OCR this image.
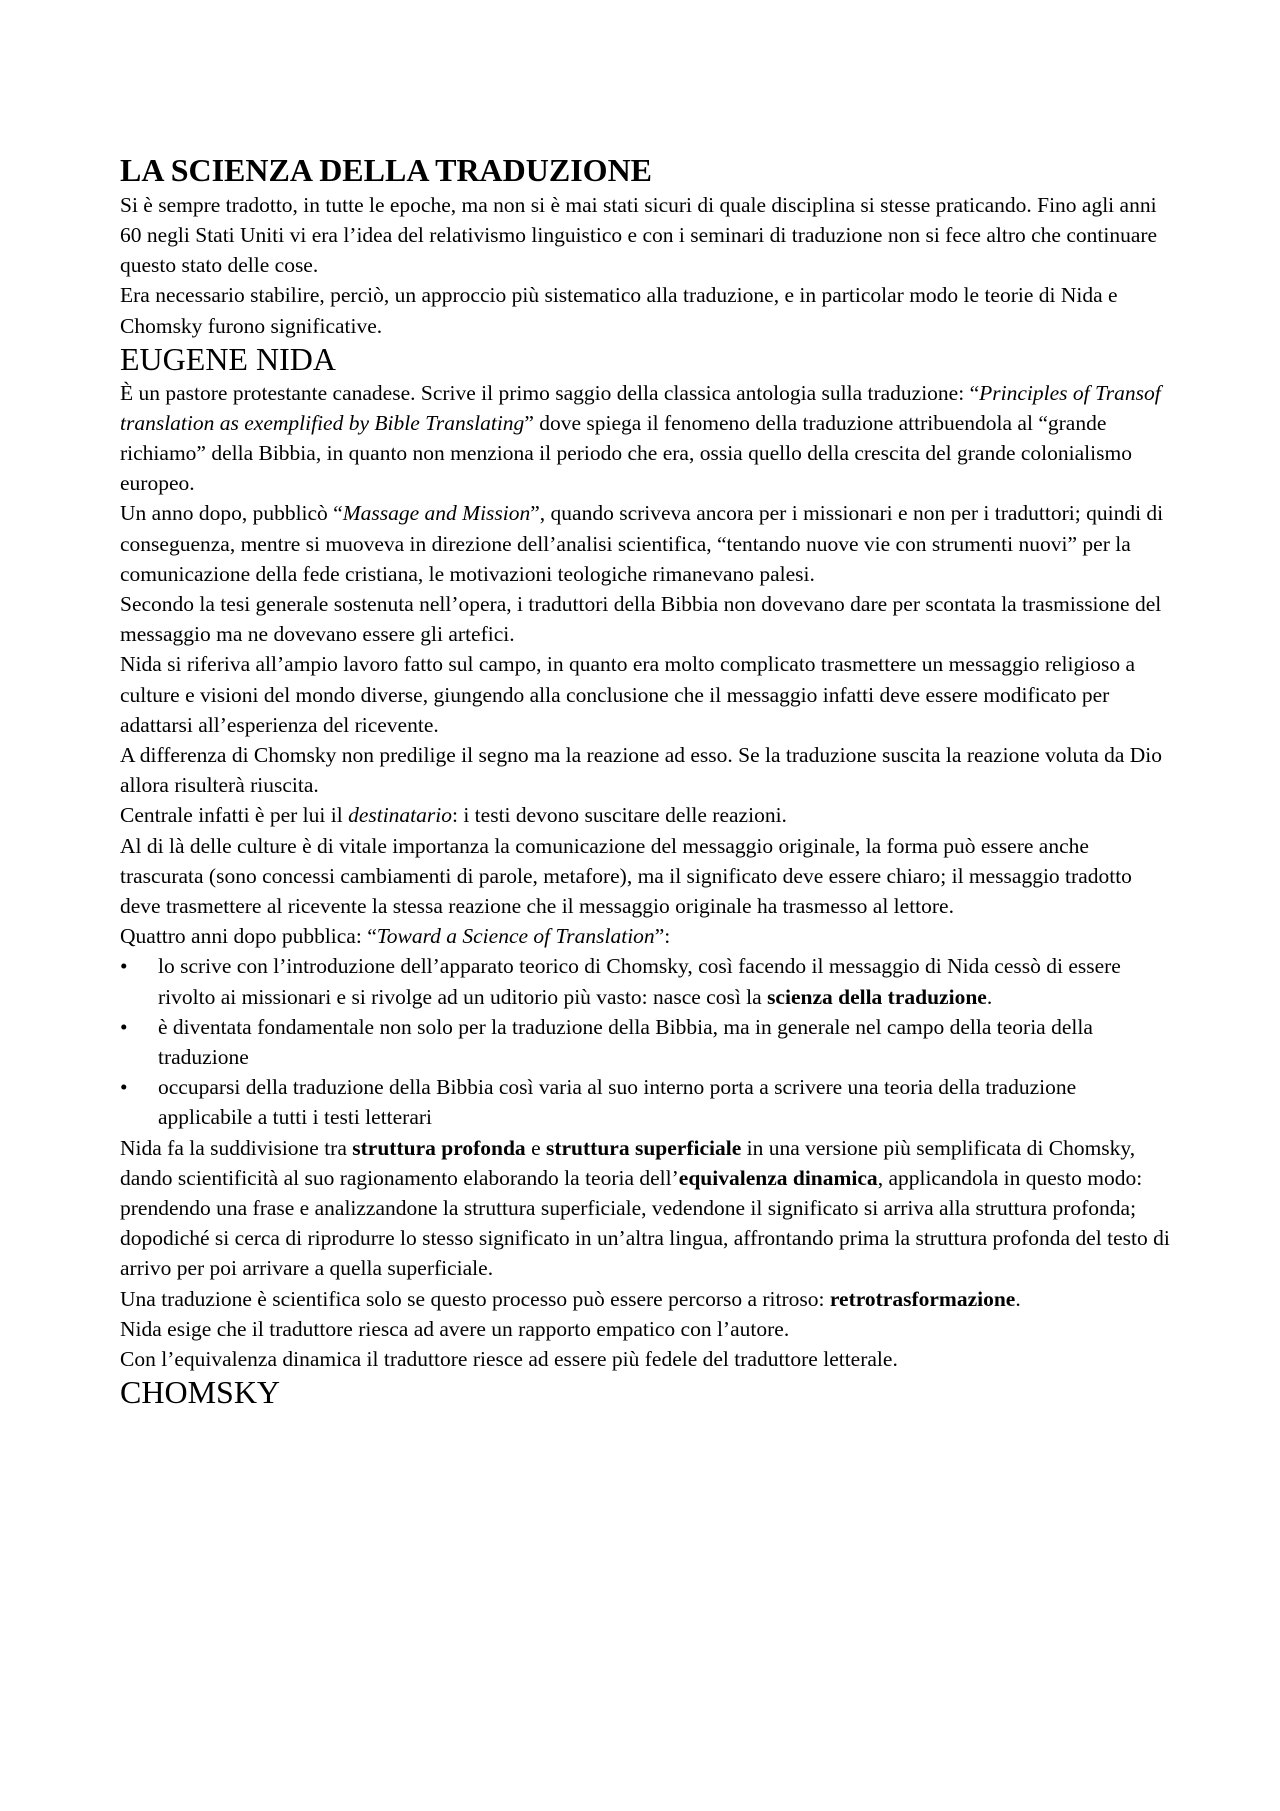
LA SCIENZA DELLA TRADUZIONE

Si è sempre tradotto, in tutte le epoche, ma non si è mai stati sicuri di quale disciplina si stesse praticando. Fino agli anni 60 negli Stati Uniti vi era l’idea del relativismo linguistico e con i seminari di traduzione non si fece altro che continuare questo stato delle cose.

Era necessario stabilire, perciò, un approccio più sistematico alla traduzione, e in particolar modo le teorie di Nida e Chomsky furono significative.

EUGENE NIDA

È un pastore protestante canadese. Scrive il primo saggio della classica antologia sulla traduzione: “Principles of Transof translation as exemplified by Bible Translating” dove spiega il fenomeno della traduzione attribuendola al “grande richiamo” della Bibbia, in quanto non menziona il periodo che era, ossia quello della crescita del grande colonialismo europeo.

Un anno dopo, pubblicò “Massage and Mission”, quando scriveva ancora per i missionari e non per i traduttori; quindi di conseguenza, mentre si muoveva in direzione dell’analisi scientifica, “tentando nuove vie con strumenti nuovi” per la comunicazione della fede cristiana, le motivazioni teologiche rimanevano palesi.

Secondo la tesi generale sostenuta nell’opera, i traduttori della Bibbia non dovevano dare per scontata la trasmissione del messaggio ma ne dovevano essere gli artefici.

Nida si riferiva all’ampio lavoro fatto sul campo, in quanto era molto complicato trasmettere un messaggio religioso a culture e visioni del mondo diverse, giungendo alla conclusione che il messaggio infatti deve essere modificato per adattarsi all’esperienza del ricevente.

A differenza di Chomsky non predilige il segno ma la reazione ad esso. Se la traduzione suscita la reazione voluta da Dio allora risulterà riuscita.

Centrale infatti è per lui il destinatario: i testi devono suscitare delle reazioni.

Al di là delle culture è di vitale importanza la comunicazione del messaggio originale, la forma può essere anche trascurata (sono concessi cambiamenti di parole, metafore), ma il significato deve essere chiaro; il messaggio tradotto deve trasmettere al ricevente la stessa reazione che il messaggio originale ha trasmesso al lettore.

Quattro anni dopo pubblica: “Toward a Science of Translation”:

•	lo scrive con l’introduzione dell’apparato teorico di Chomsky, così facendo il messaggio di Nida cessò di essere rivolto ai missionari e si rivolge ad un uditorio più vasto: nasce così la scienza della traduzione.
•	è diventata fondamentale non solo per la traduzione della Bibbia, ma in generale nel campo della teoria della traduzione
•	occuparsi della traduzione della Bibbia così varia al suo interno porta a scrivere una teoria della traduzione applicabile a tutti i testi letterari

Nida fa la suddivisione tra struttura profonda e struttura superficiale in una versione più semplificata di Chomsky, dando scientificità al suo ragionamento elaborando la teoria dell’equivalenza dinamica, applicandola in questo modo:

prendendo una frase e analizzandone la struttura superficiale, vedendone il significato si arriva alla struttura profonda; dopodiché si cerca di riprodurre lo stesso significato in un’altra lingua, affrontando prima la struttura profonda del testo di arrivo per poi arrivare a quella superficiale.

Una traduzione è scientifica solo se questo processo può essere percorso a ritroso: retrotrasformazione.

Nida esige che il traduttore riesca ad avere un rapporto empatico con l’autore.

Con l’equivalenza dinamica il traduttore riesce ad essere più fedele del traduttore letterale.

CHOMSKY
